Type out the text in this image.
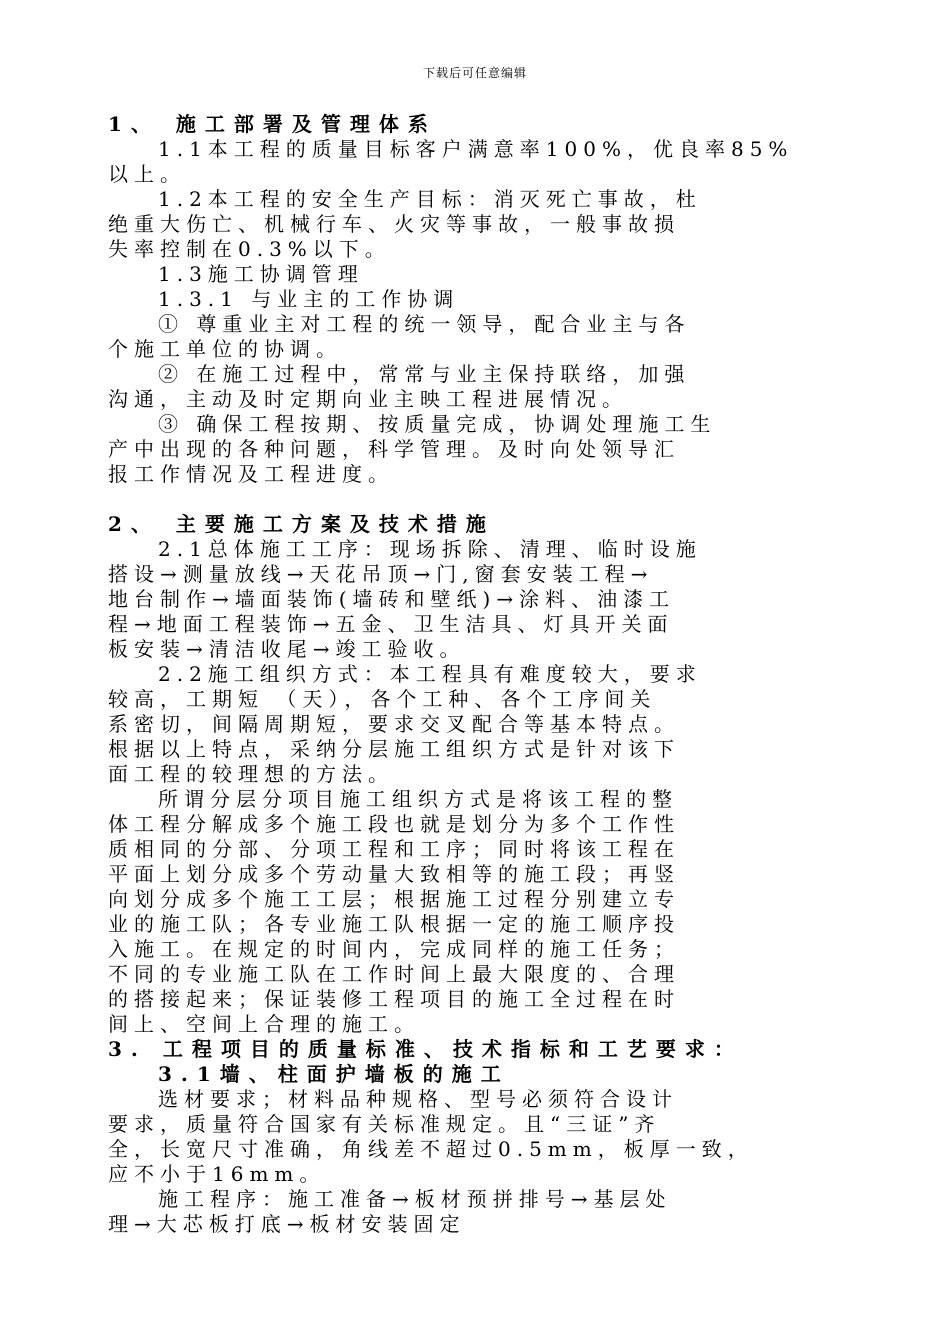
下载后可任意编辑
1、 施工部署及管理体系
1.1本工程的质量目标客户满意率100%，优良率85%
以上。
1.2本工程的安全生产目标：消灭死亡事故，杜
绝重大伤亡、机械行车、火灾等事故，一般事故损
失率控制在0.3%以下。
1.3施工协调管理
1.3.1 与业主的工作协调
① 尊重业主对工程的统一领导，配合业主与各
个施工单位的协调。
② 在施工过程中，常常与业主保持联络，加强
沟通，主动及时定期向业主映工程进展情况。
③ 确保工程按期、按质量完成，协调处理施工生
产中出现的各种问题，科学管理。及时向处领导汇
报工作情况及工程进度。
2、 主要施工方案及技术措施
2.1总体施工工序：现场拆除、清理、临时设施
搭设→测量放线→天花吊顶→门,窗套安装工程→
地台制作→墙面装饰(墙砖和壁纸)→涂料、油漆工
程→地面工程装饰→五金、卫生洁具、灯具开关面
板安装→清洁收尾→竣工验收。
2.2施工组织方式：本工程具有难度较大，要求
较高，工期短 （天），各个工种、各个工序间关
系密切，间隔周期短，要求交叉配合等基本特点。
根据以上特点，采纳分层施工组织方式是针对该下
面工程的较理想的方法。
所谓分层分项目施工组织方式是将该工程的整
体工程分解成多个施工段也就是划分为多个工作性
质相同的分部、分项工程和工序；同时将该工程在
平面上划分成多个劳动量大致相等的施工段；再竖
向划分成多个施工工层；根据施工过程分别建立专
业的施工队；各专业施工队根据一定的施工顺序投
入施工。在规定的时间内，完成同样的施工任务；
不同的专业施工队在工作时间上最大限度的、合理
的搭接起来；保证装修工程项目的施工全过程在时
间上、空间上合理的施工。
3. 工程项目的质量标准、技术指标和工艺要求：
3.1墙、柱面护墙板的施工
选材要求；材料品种规格、型号必须符合设计
要求，质量符合国家有关标准规定。且“三证”齐
全，长宽尺寸准确，角线差不超过0.5mm，板厚一致，
应不小于16mm。
施工程序：施工准备→板材预拼排号→基层处
理→大芯板打底→板材安装固定
